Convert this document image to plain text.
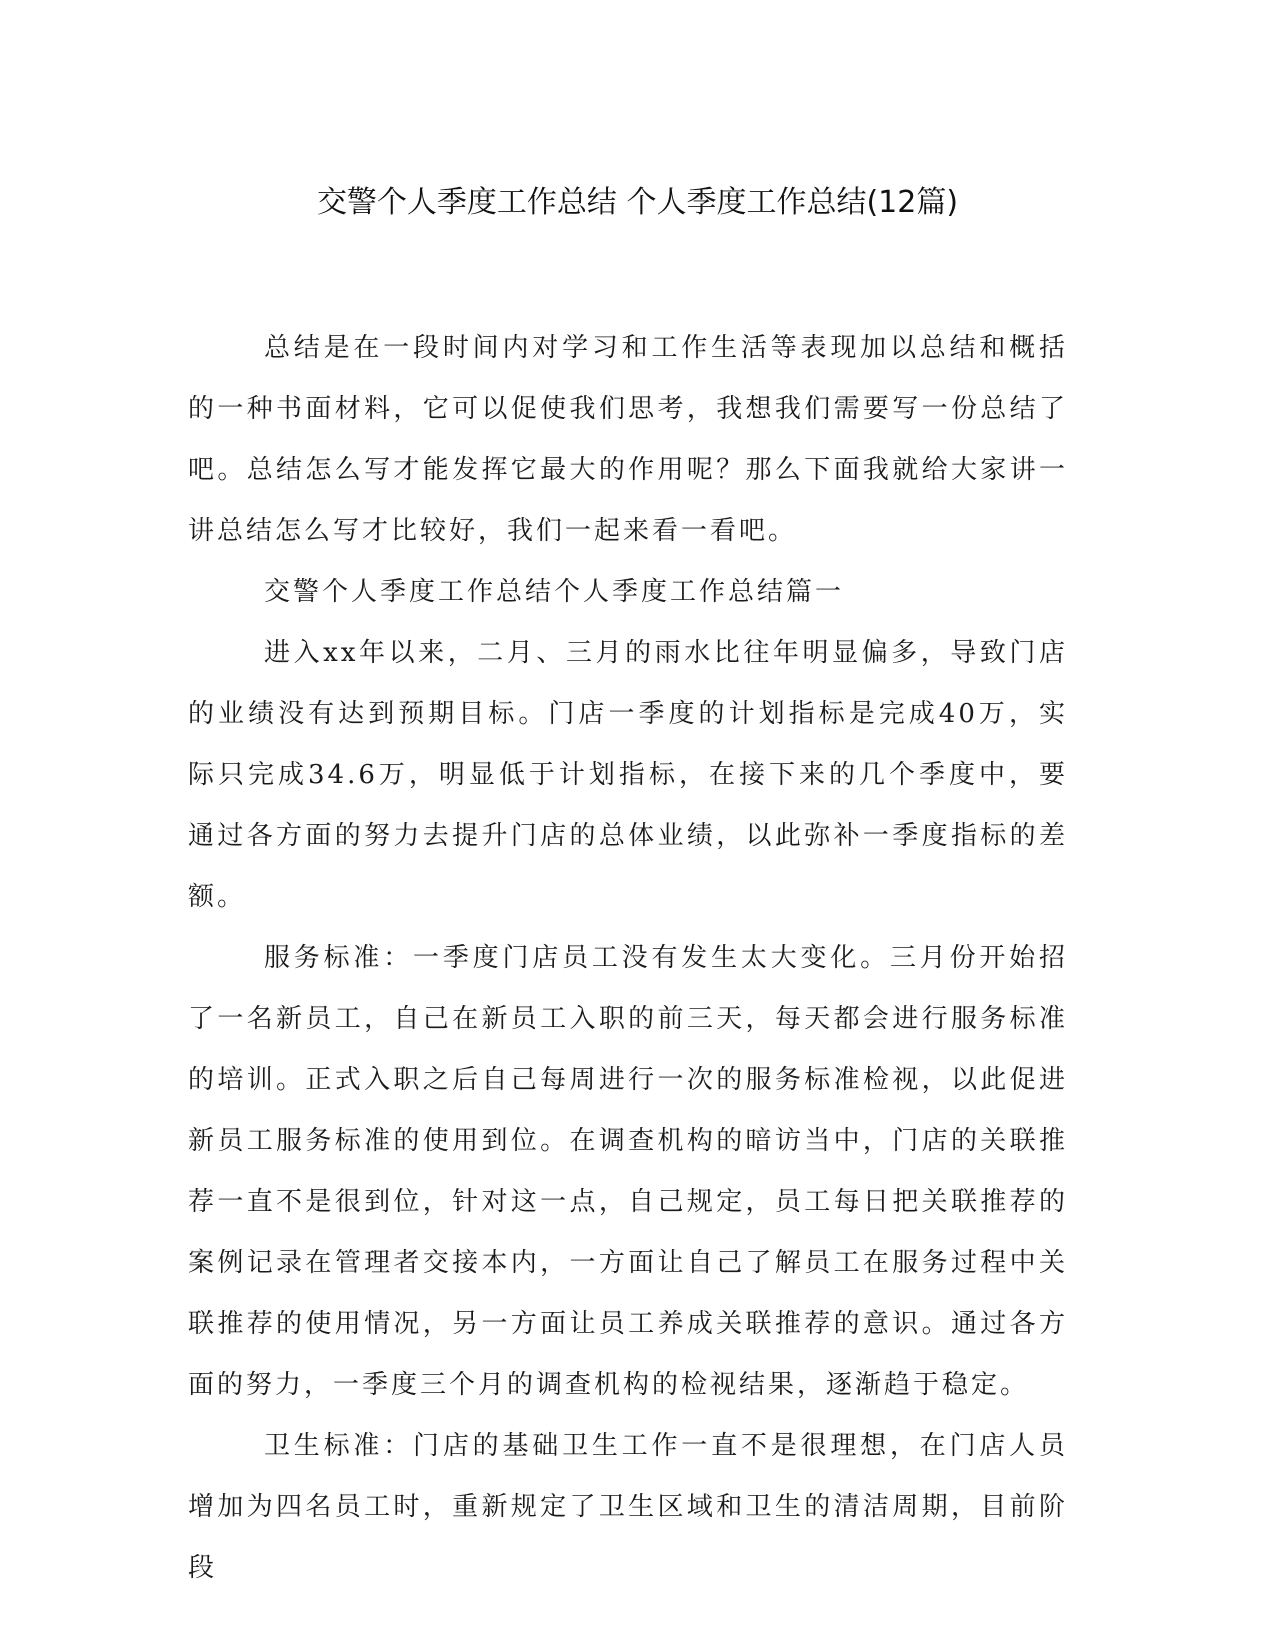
交警个人季度工作总结 个人季度工作总结(12篇)

总结是在一段时间内对学习和工作生活等表现加以总结和概括的一种书面材料，它可以促使我们思考，我想我们需要写一份总结了吧。总结怎么写才能发挥它最大的作用呢？那么下面我就给大家讲一讲总结怎么写才比较好，我们一起来看一看吧。

交警个人季度工作总结个人季度工作总结篇一

进入xx年以来，二月、三月的雨水比往年明显偏多，导致门店的业绩没有达到预期目标。门店一季度的计划指标是完成40万，实际只完成34.6万，明显低于计划指标，在接下来的几个季度中，要通过各方面的努力去提升门店的总体业绩，以此弥补一季度指标的差额。

服务标准：一季度门店员工没有发生太大变化。三月份开始招了一名新员工，自己在新员工入职的前三天，每天都会进行服务标准的培训。正式入职之后自己每周进行一次的服务标准检视，以此促进新员工服务标准的使用到位。在调查机构的暗访当中，门店的关联推荐一直不是很到位，针对这一点，自己规定，员工每日把关联推荐的案例记录在管理者交接本内，一方面让自己了解员工在服务过程中关联推荐的使用情况，另一方面让员工养成关联推荐的意识。通过各方面的努力，一季度三个月的调查机构的检视结果，逐渐趋于稳定。

卫生标准：门店的基础卫生工作一直不是很理想，在门店人员增加为四名员工时，重新规定了卫生区域和卫生的清洁周期，目前阶段
